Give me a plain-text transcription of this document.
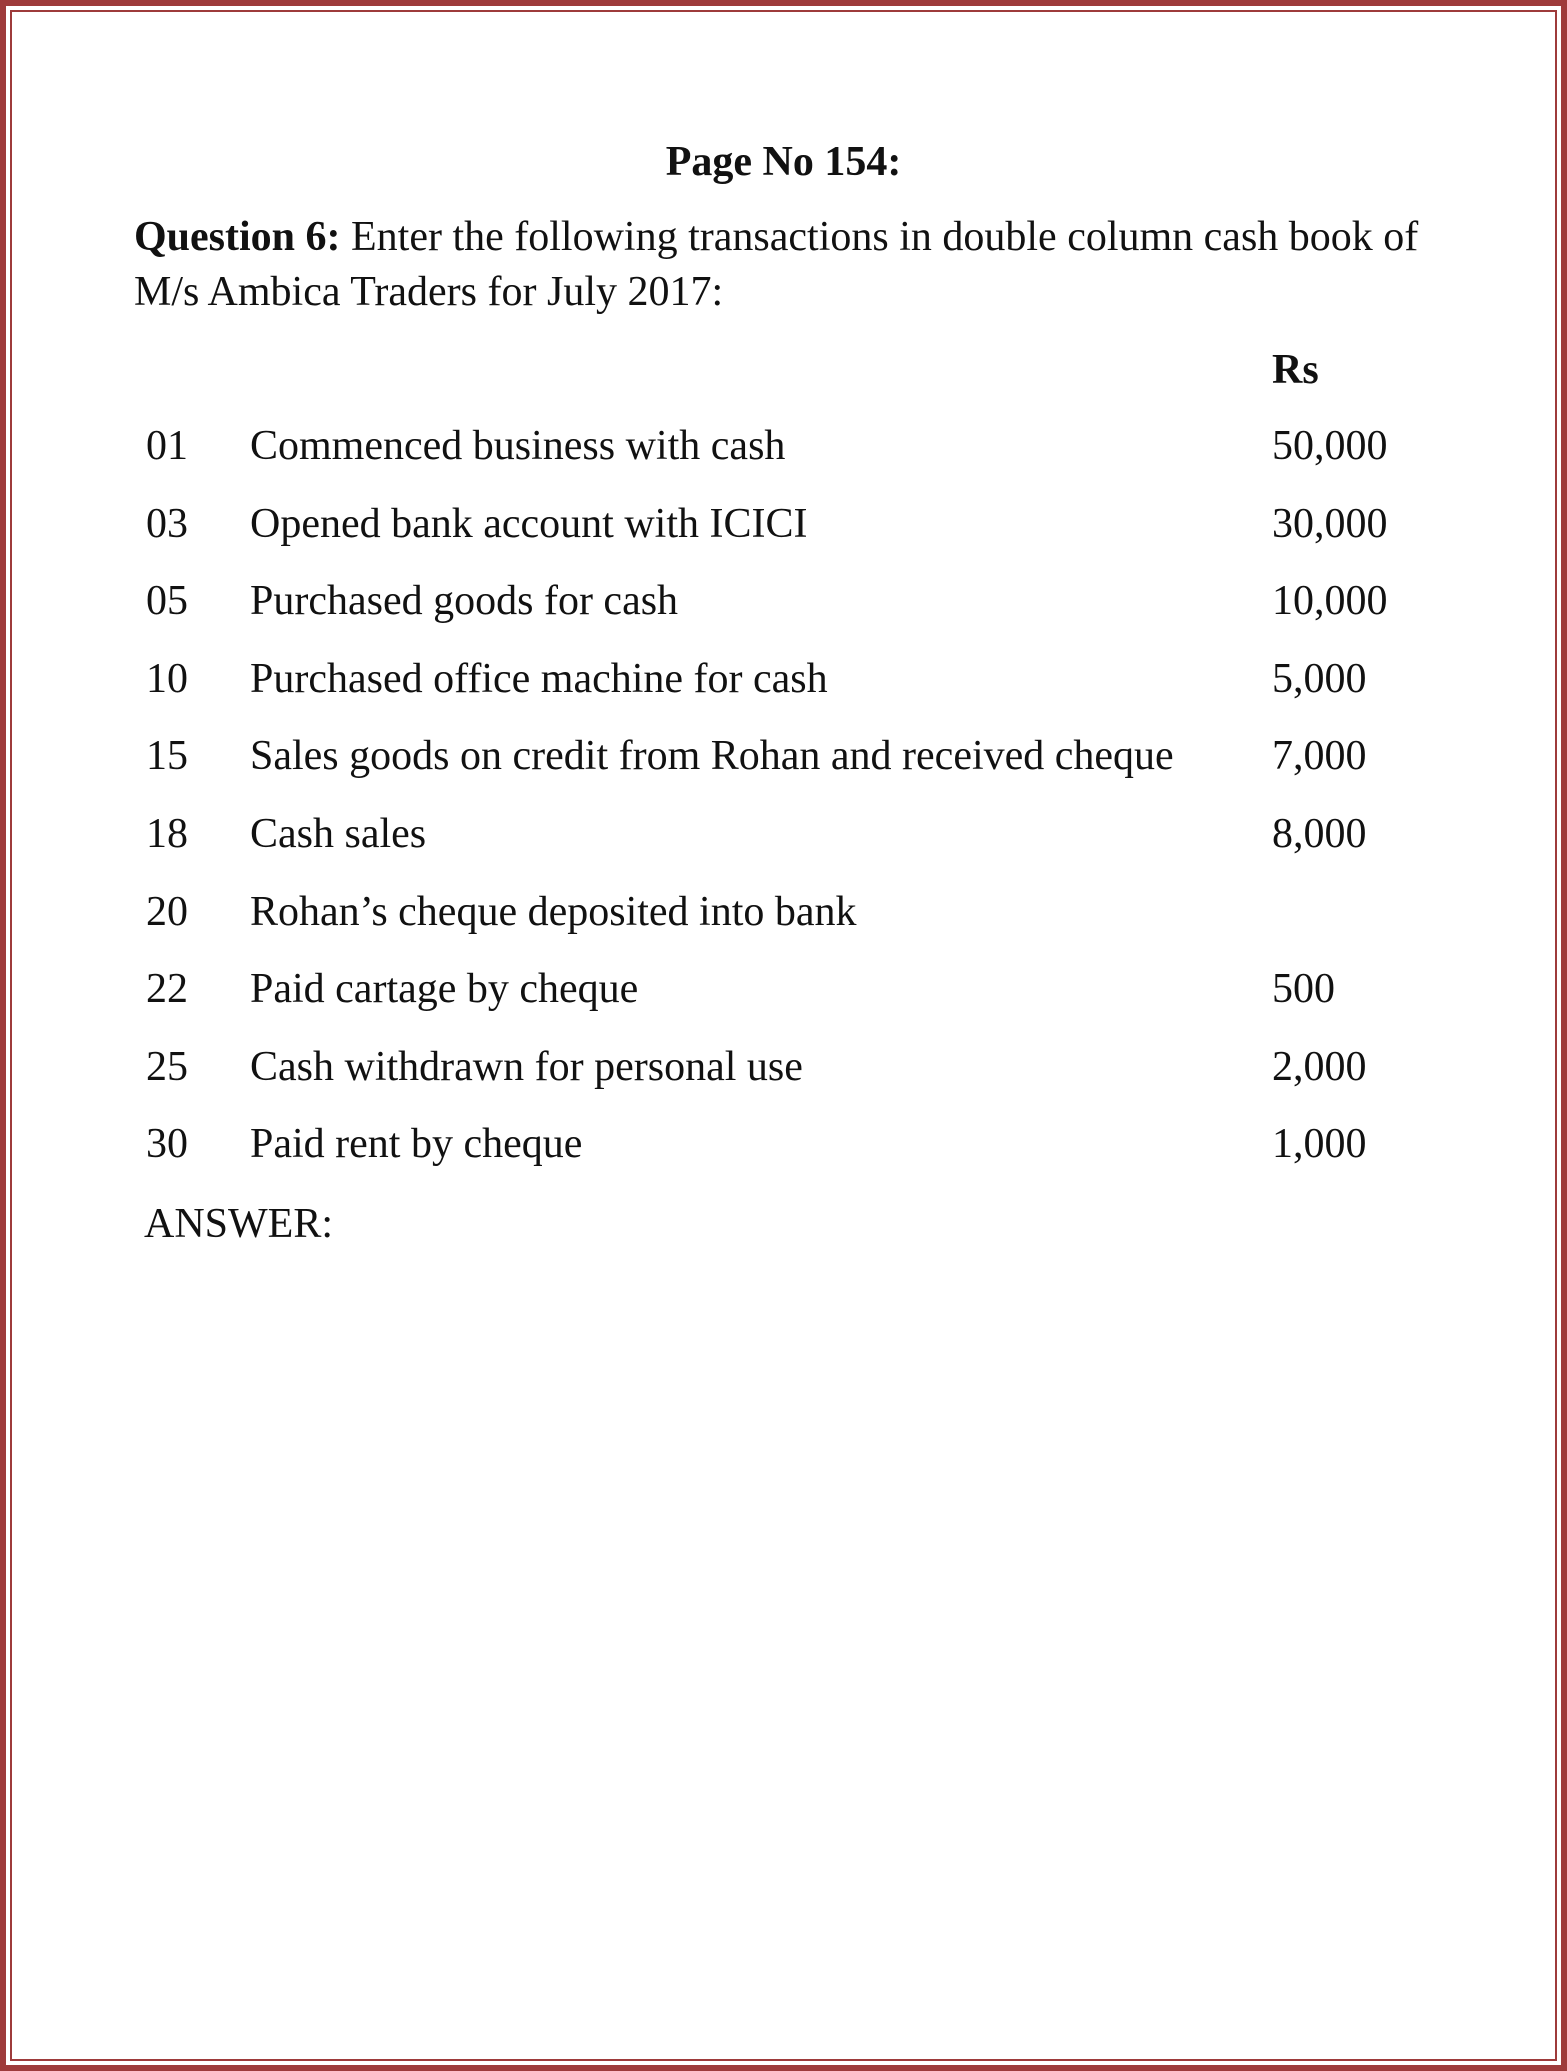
Page No 154:
Question 6: Enter the following transactions in double column cash book of M/s Ambica Traders for July 2017:
Rs
01 Commenced business with cash	50,000
03 Opened bank account with ICICI	30,000
05 Purchased goods for cash	10,000
10 Purchased office machine for cash	5,000
15 Sales goods on credit from Rohan and received cheque 7,000
18 Cash sales	8,000
20 Rohan’s cheque deposited into bank
22 Paid cartage by cheque	500
25 Cash withdrawn for personal use	2,000
30 Paid rent by cheque	1,000
ANSWER:
